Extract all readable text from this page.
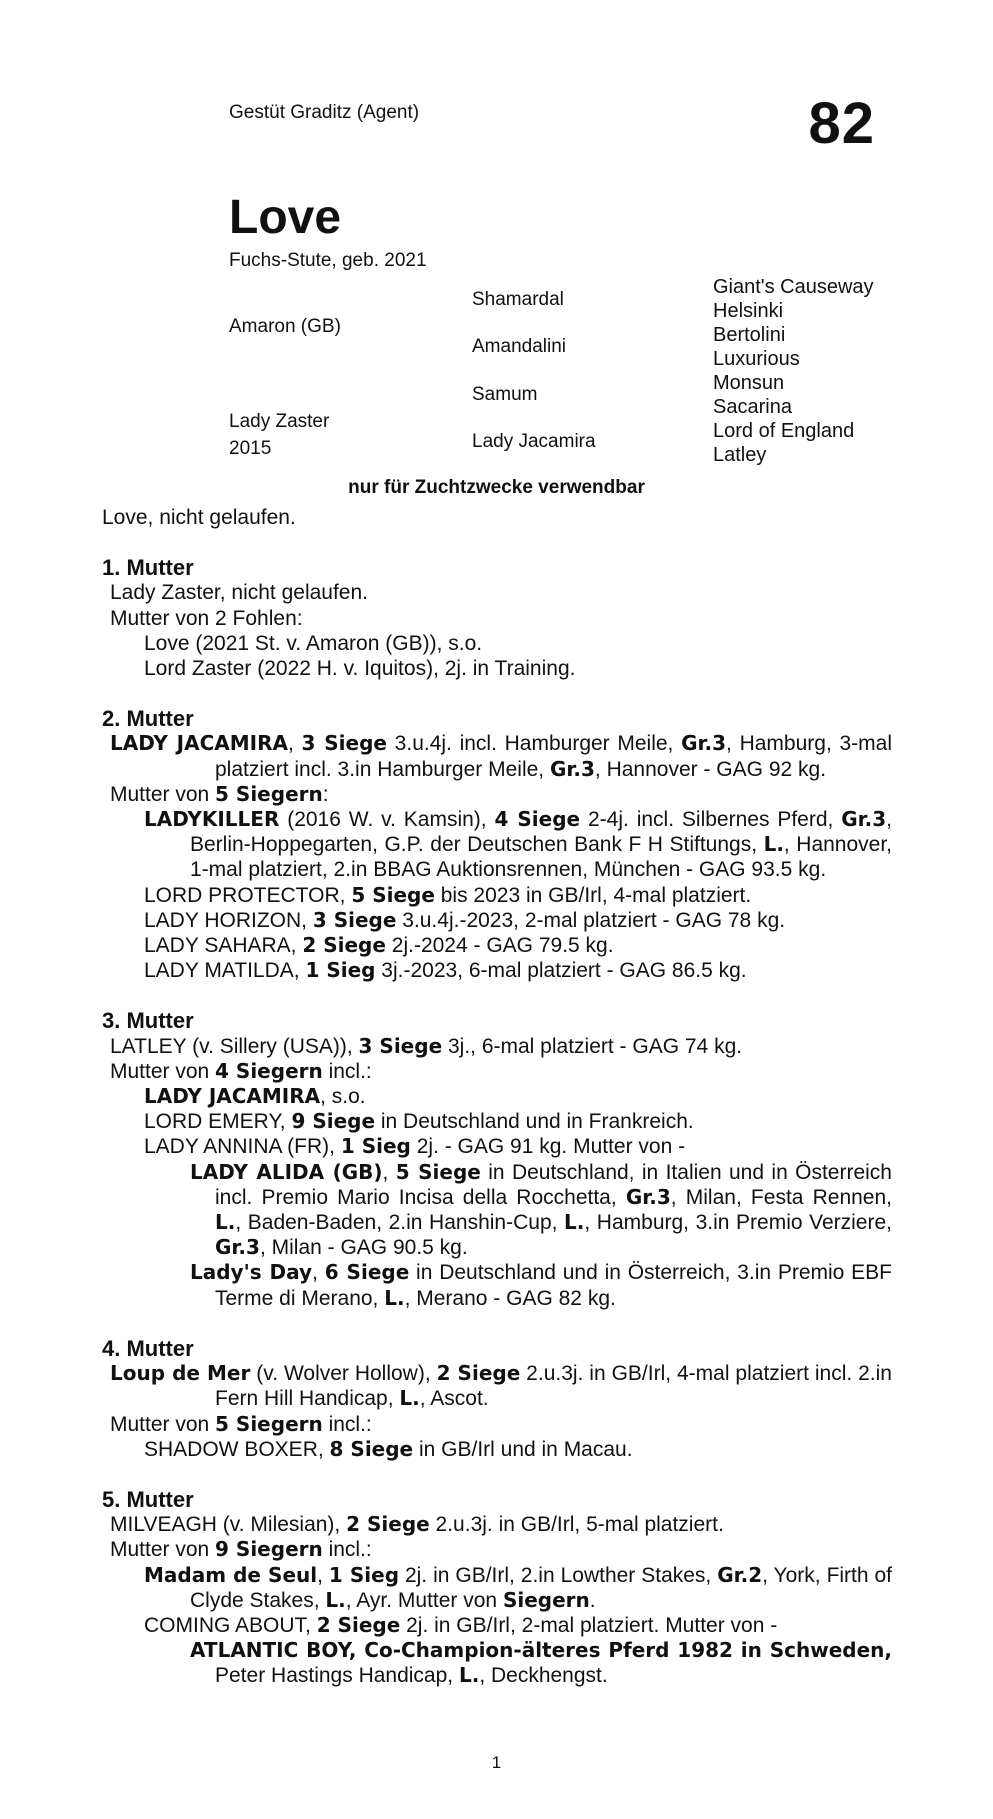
Gestüt Graditz (Agent)	82
Love
Fuchs-Stute, geb. 2021
Amaron (GB)
Lady Zaster
2015
Shamardal
Amandalini
Samum
Lady Jacamira
Giant's Causeway
Helsinki
Bertolini
Luxurious
Monsun
Sacarina
Lord of England
Latley
nur für Zuchtzwecke verwendbar

Love, nicht gelaufen.

1. Mutter

Lady Zaster, nicht gelaufen.

Mutter von 2 Fohlen:

Love (2021 St. v. Amaron (GB)), s.o.

Lord Zaster (2022 H. v. Iquitos), 2j. in Training.

2. Mutter

LADY JACAMIRA, 3 Siege 3.u.4j. incl. Hamburger Meile, Gr.3, Hamburg, 3-mal platziert incl. 3.in Hamburger Meile, Gr.3, Hannover - GAG 92 kg.

Mutter von 5 Siegern:

LADYKILLER (2016 W. v. Kamsin), 4 Siege 2-4j. incl. Silbernes Pferd, Gr.3, Berlin-Hoppegarten, G.P. der Deutschen Bank F H Stiftungs, L., Hannover, 1-mal platziert, 2.in BBAG Auktionsrennen, München - GAG 93.5 kg.

LORD PROTECTOR, 5 Siege bis 2023 in GB/Irl, 4-mal platziert.

LADY HORIZON, 3 Siege 3.u.4j.-2023, 2-mal platziert - GAG 78 kg.

LADY SAHARA, 2 Siege 2j.-2024 - GAG 79.5 kg.

LADY MATILDA, 1 Sieg 3j.-2023, 6-mal platziert - GAG 86.5 kg.

3. Mutter

LATLEY (v. Sillery (USA)), 3 Siege 3j., 6-mal platziert - GAG 74 kg.

Mutter von 4 Siegern incl.:

LADY JACAMIRA, s.o.

LORD EMERY, 9 Siege in Deutschland und in Frankreich.

LADY ANNINA (FR), 1 Sieg 2j. - GAG 91 kg. Mutter von -

LADY ALIDA (GB), 5 Siege in Deutschland, in Italien und in Österreich incl. Premio Mario Incisa della Rocchetta, Gr.3, Milan, Festa Rennen, L., Baden-Baden, 2.in Hanshin-Cup, L., Hamburg, 3.in Premio Verziere, Gr.3, Milan - GAG 90.5 kg.

Lady's Day, 6 Siege in Deutschland und in Österreich, 3.in Premio EBF Terme di Merano, L., Merano - GAG 82 kg.

4. Mutter

Loup de Mer (v. Wolver Hollow), 2 Siege 2.u.3j. in GB/Irl, 4-mal platziert incl. 2.in Fern Hill Handicap, L., Ascot.

Mutter von 5 Siegern incl.:

SHADOW BOXER, 8 Siege in GB/Irl und in Macau.

5. Mutter

MILVEAGH (v. Milesian), 2 Siege 2.u.3j. in GB/Irl, 5-mal platziert.

Mutter von 9 Siegern incl.:

Madam de Seul, 1 Sieg 2j. in GB/Irl, 2.in Lowther Stakes, Gr.2, York, Firth of Clyde Stakes, L., Ayr. Mutter von Siegern.

COMING ABOUT, 2 Siege 2j. in GB/Irl, 2-mal platziert. Mutter von -

ATLANTIC BOY, Co-Champion-älteres Pferd 1982 in Schweden, Peter Hastings Handicap, L., Deckhengst.

1
